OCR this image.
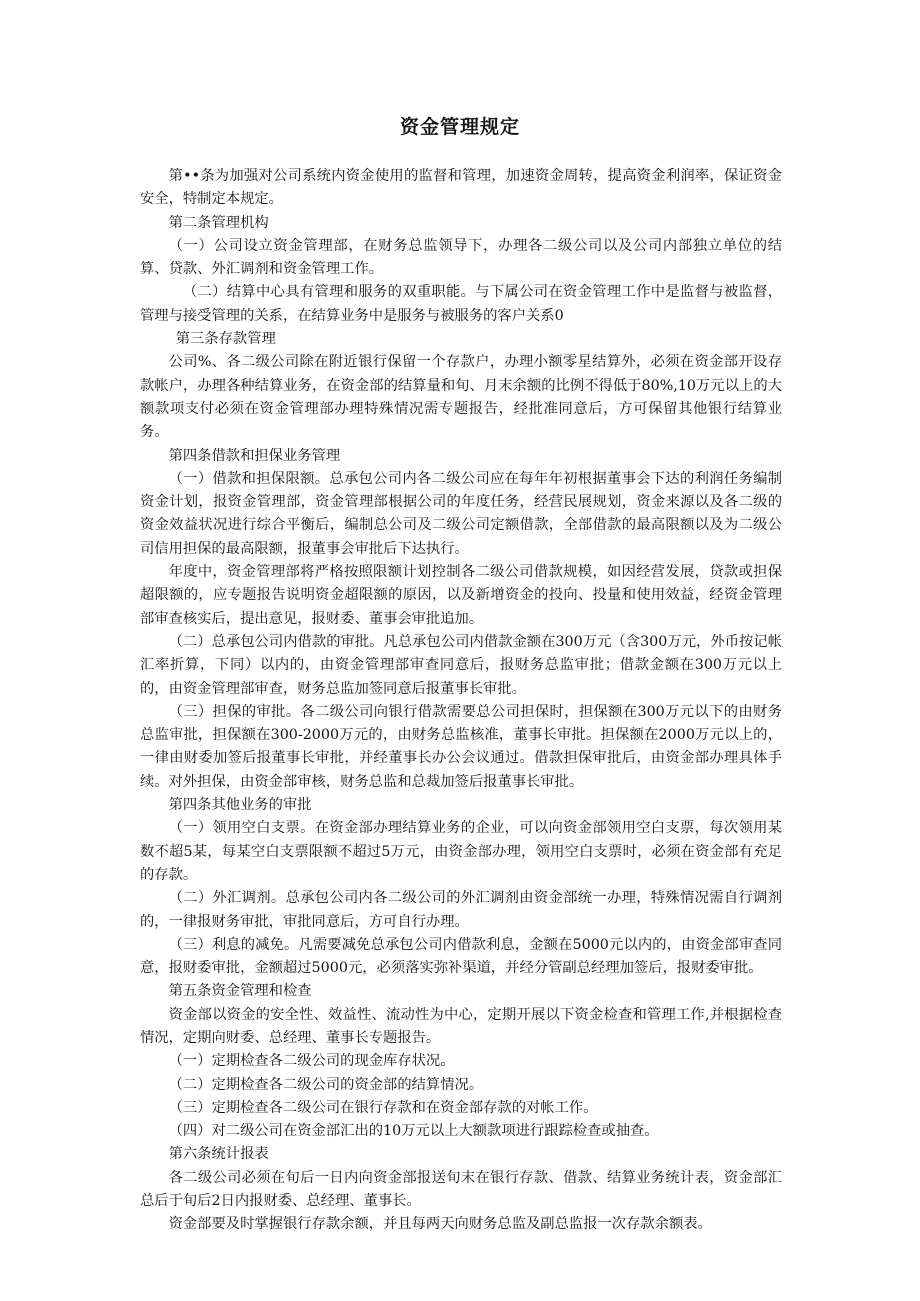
资金管理规定

第••条为加强对公司系统内资金使用的监督和管理，加速资金周转，提高资金利润率，保证资金安全，特制定本规定。

第二条管理机构

（一）公司设立资金管理部，在财务总监领导下，办理各二级公司以及公司内部独立单位的结算、贷款、外汇调剂和资金管理工作。

（二）结算中心具有管理和服务的双重职能。与下属公司在资金管理工作中是监督与被监督，管理与接受管理的关系，在结算业务中是服务与被服务的客户关系0

第三条存款管理

公司%、各二级公司除在附近银行保留一个存款户，办理小额零星结算外，必须在资金部开设存款帐户，办理各种结算业务，在资金部的结算量和旬、月末余额的比例不得低于80%,10万元以上的大额款项支付必须在资金管理部办理特殊情况需专题报告，经批准同意后，方可保留其他银行结算业务。

第四条借款和担保业务管理

（一）借款和担保限额。总承包公司内各二级公司应在每年年初根据董事会下达的利润任务编制资金计划，报资金管理部，资金管理部根据公司的年度任务，经营民展规划，资金来源以及各二级的资金效益状况进行综合平衡后，编制总公司及二级公司定额借款，全部借款的最高限额以及为二级公司信用担保的最高限额，报董事会审批后下达执行。

年度中，资金管理部将严格按照限额计划控制各二级公司借款规模，如因经营发展，贷款或担保超限额的，应专题报告说明资金超限额的原因，以及新增资金的投向、投量和使用效益，经资金管理部审查核实后，提出意见，报财委、董事会审批追加。

（二）总承包公司内借款的审批。凡总承包公司内借款金额在300万元（含300万元，外币按记帐汇率折算，下同）以内的，由资金管理部审查同意后，报财务总监审批；借款金额在300万元以上的，由资金管理部审查，财务总监加签同意后报董事长审批。

（三）担保的审批。各二级公司向银行借款需要总公司担保时，担保额在300万元以下的由财务总监审批，担保额在300-2000万元的，由财务总监核准，董事长审批。担保额在2000万元以上的，一律由财委加签后报董事长审批，并经董事长办公会议通过。借款担保审批后，由资金部办理具体手续。对外担保，由资金部审核，财务总监和总裁加签后报董事长审批。

第四条其他业务的审批

（一）领用空白支票。在资金部办理结算业务的企业，可以向资金部领用空白支票，每次领用某数不超5某，每某空白支票限额不超过5万元，由资金部办理，领用空白支票时，必须在资金部有充足的存款。

（二）外汇调剂。总承包公司内各二级公司的外汇调剂由资金部统一办理，特殊情况需自行调剂的，一律报财务审批，审批同意后，方可自行办理。

（三）利息的减免。凡需要减免总承包公司内借款利息，金额在5000元以内的，由资金部审查同意，报财委审批，金额超过5000元，必须落实弥补渠道，并经分管副总经理加签后，报财委审批。

第五条资金管理和检查

资金部以资金的安全性、效益性、流动性为中心，定期开展以下资金检查和管理工作,并根据检查情况，定期向财委、总经理、董事长专题报告。

（一）定期检查各二级公司的现金库存状况。

（二）定期检查各二级公司的资金部的结算情况。

（三）定期检查各二级公司在银行存款和在资金部存款的对帐工作。

（四）对二级公司在资金部汇出的10万元以上大额款项进行跟踪检查或抽查。

第六条统计报表

各二级公司必须在旬后一日内向资金部报送旬末在银行存款、借款、结算业务统计表，资金部汇总后于旬后2日内报财委、总经理、董事长。

资金部要及时掌握银行存款余额，并且每两天向财务总监及副总监报一次存款余额表。
